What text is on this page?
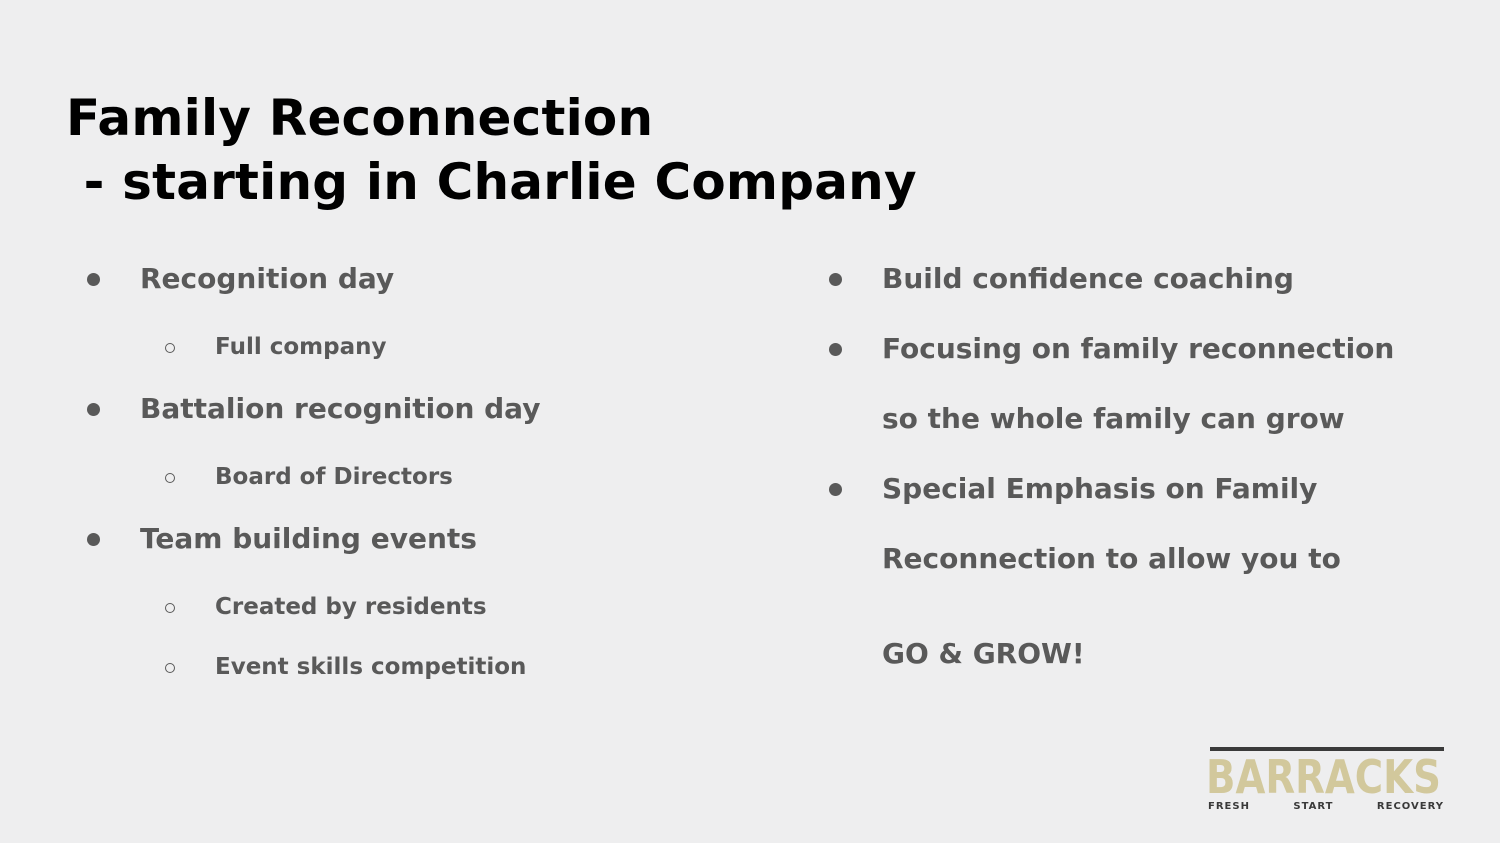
Family Reconnection
- starting in Charlie Company
Recognition day
Full company
Battalion recognition day
Board of Directors
Team building events
Created by residents
Event skills competition
Build confidence coaching
Focusing on family reconnection
so the whole family can grow
Special Emphasis on Family
Reconnection to allow you to
GO & GROW!
BARRACKS
FRESH	START	RECOVERY
